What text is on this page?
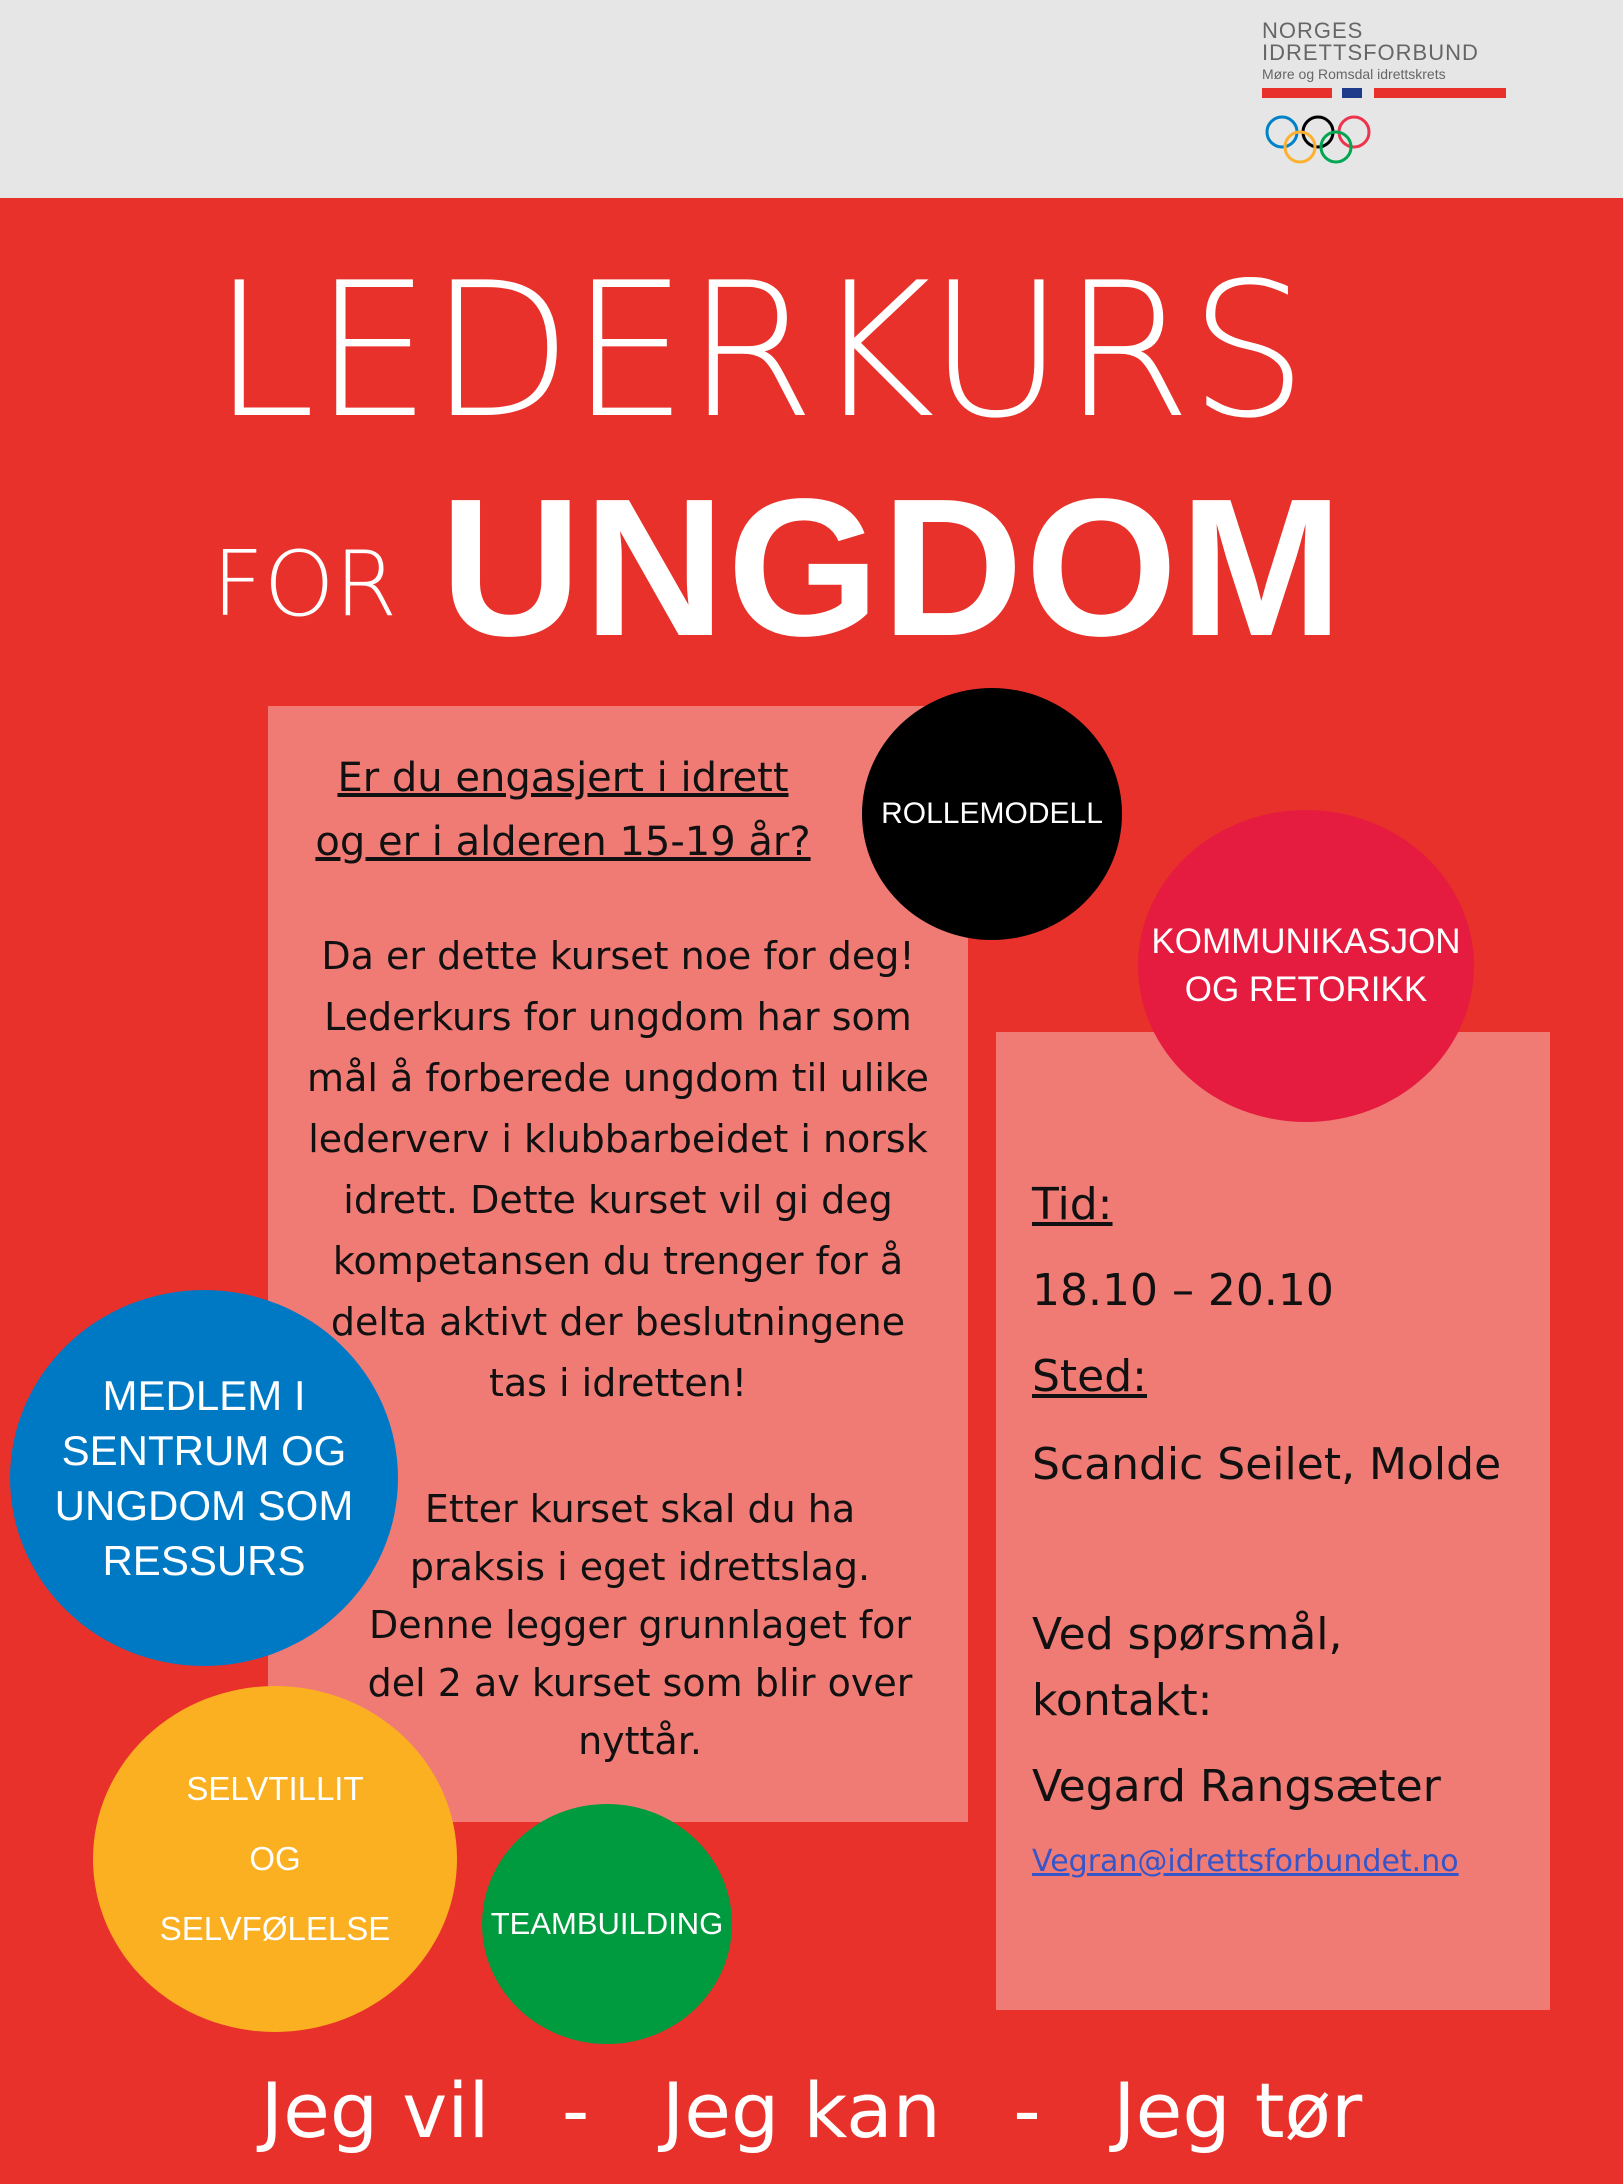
NORGES
IDRETTSFORBUND
Møre og Romsdal idrettskrets
LEDERKURS
FOR UNGDOM
Er du engasjert i idrett
og er i alderen 15-19 år?
Da er dette kurset noe for deg!
Lederkurs for ungdom har som
mål å forberede ungdom til ulike
lederverv i klubbarbeidet i norsk
idrett. Dette kurset vil gi deg
kompetansen du trenger for å
delta aktivt der beslutningene
tas i idretten!
Etter kurset skal du ha
praksis i eget idrettslag.
Denne legger grunnlaget for
del 2 av kurset som blir over
nyttår.
Tid:
18.10 – 20.10
Sted:
Scandic Seilet, Molde
Ved spørsmål,
kontakt:
Vegard Rangsæter
Vegran@idrettsforbundet.no
ROLLEMODELL
KOMMUNIKASJON
OG RETORIKK
MEDLEM I
SENTRUM OG
UNGDOM SOM
RESSURS
SELVTILLIT
OG
SELVFØLELSE	TEAMBUILDING
Jeg vil   -   Jeg kan   -   Jeg tør
